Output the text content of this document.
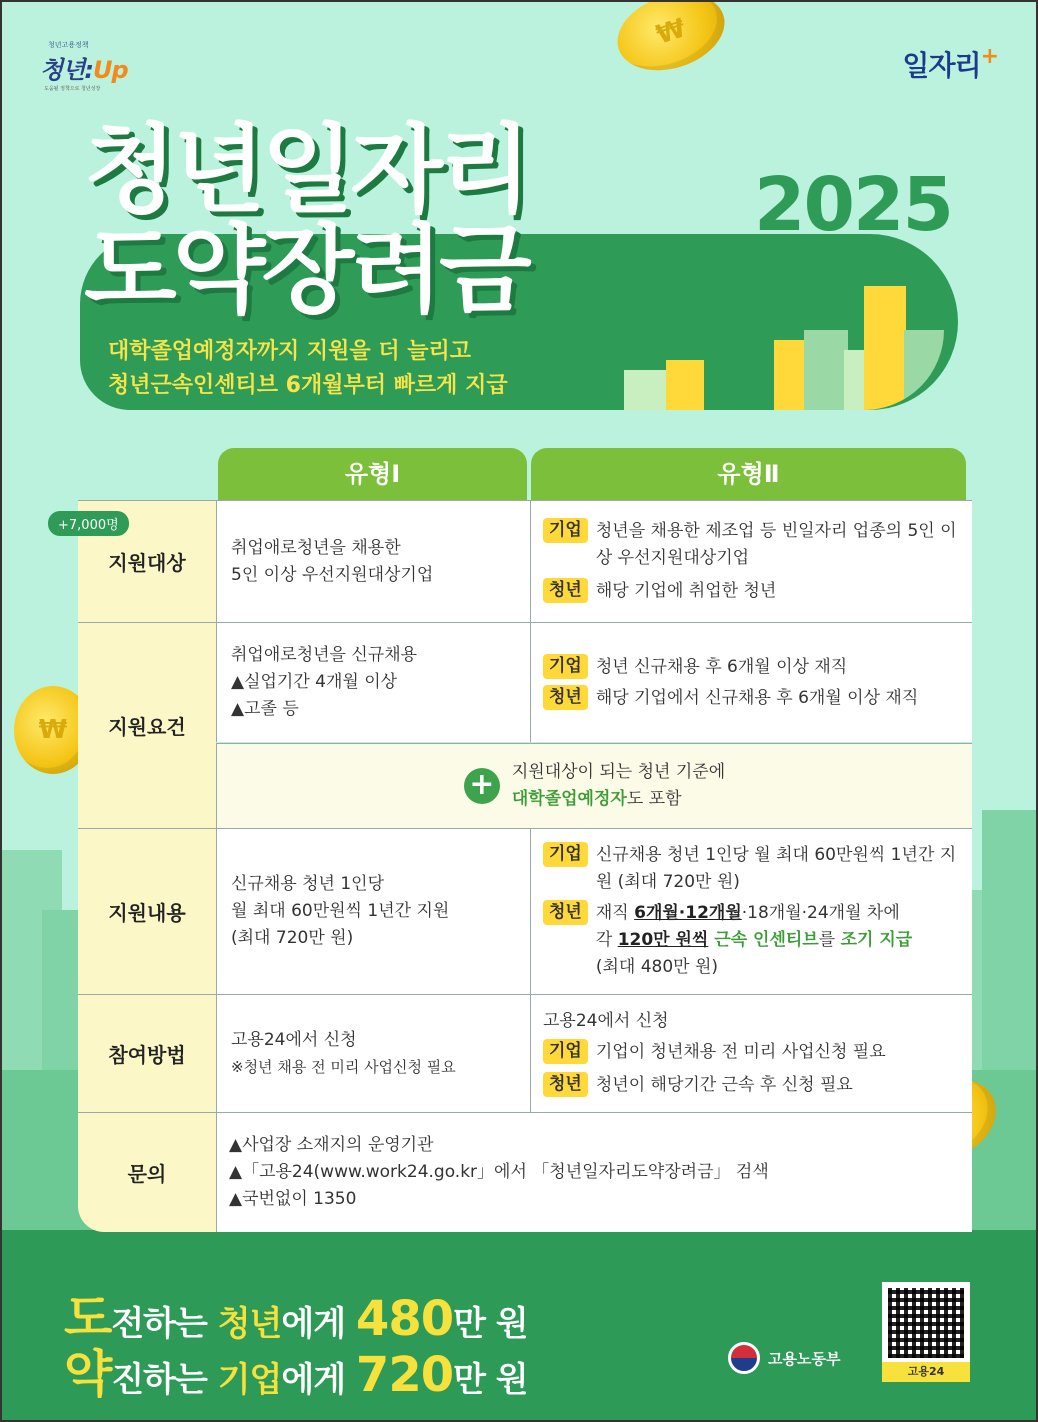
₩
₩
청년고용정책
청년:Up
도움될 정책으로 청년성장
일자리+
청년일자리
도약장려금
2025
대학졸업예정자까지 지원을 더 늘리고
청년근속인센티브 6개월부터 빠르게 지급
유형Ⅰ	유형Ⅱ
지원대상
+7,000명
취업애로청년을 채용한
5인 이상 우선지원대상기업
기업 청년을 채용한 제조업 등 빈일자리 업종의 5인 이상 우선지원대상기업
청년 해당 기업에 취업한 청년
지원요건
취업애로청년을 신규채용
▲실업기간 4개월 이상
▲고졸 등
기업 청년 신규채용 후 6개월 이상 재직
청년 해당 기업에서 신규채용 후 6개월 이상 재직
+	지원대상이 되는 청년 기준에
대학졸업예정자도 포함
지원내용
신규채용 청년 1인당
월 최대 60만원씩 1년간 지원
(최대 720만 원)
기업 신규채용 청년 1인당 월 최대 60만원씩 1년간 지원 (최대 720만 원)
청년 재직 6개월·12개월·18개월·24개월 차에
각 120만 원씩 근속 인센티브를 조기 지급
(최대 480만 원)
참여방법
고용24에서 신청
※청년 채용 전 미리 사업신청 필요
고용24에서 신청
기업 기업이 청년채용 전 미리 사업신청 필요
청년 청년이 해당기간 근속 후 신청 필요
문의
▲사업장 소재지의 운영기관
▲「고용24(www.work24.go.kr」에서 「청년일자리도약장려금」 검색
▲국번없이 1350
도전하는 청년에게 480만 원
약진하는 기업에게 720만 원
고용노동부
고용24
